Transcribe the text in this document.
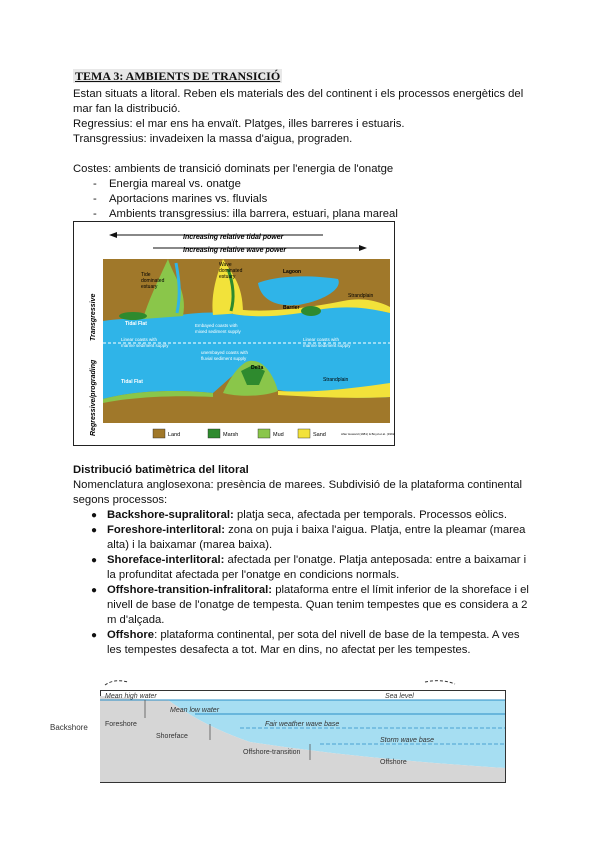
TEMA 3: AMBIENTS DE TRANSICIÓ
Estan situats a litoral. Reben els materials des del continent i els processos energètics del
mar fan la distribució.
Regressius: el mar ens ha envaït. Platges, illes barreres i estuaris.
Transgressius: invadeixen la massa d'aigua, prograden.
Costes: ambients de transició dominats per l'energia de l'onatge
- Energia mareal vs. onatge
- Aportacions marines vs. fluvials
- Ambients transgressius: illa barrera, estuari, plana mareal
Increasing relative tidal power
Increasing relative wave power
Transgressive
Regressive/prograding
Tide
dominated
estuary
Wave
dominated
estuary
Lagoon
Barrier
Strandplain
Tidal Flat	Embayed coasts with
mixed sediment supply
Linear coasts with
marine sediment supply
Linear coasts with
marine sediment supply
unembayed coasts with
fluvial sediment supply
Delta
Tidal Flat	Strandplain
Land	Marsh	Mud	Sand	After Howard (1981) & Boyd et al. (1992)
Distribució batimètrica del litoral
Nomenclatura anglosexona: presència de marees. Subdivisió de la plataforma continental
segons processos:
● Backshore-supralitoral: platja seca, afectada per temporals. Processos eòlics.
● Foreshore-interlitoral: zona on puja i baixa l'aigua. Platja, entre la pleamar (marea
alta) i la baixamar (marea baixa).
● Shoreface-interlitoral: afectada per l'onatge. Platja anteposada: entre a baixamar i
la profunditat afectada per l'onatge en condicions normals.
● Offshore-transition-infralitoral: plataforma entre el límit inferior de la shoreface i el
nivell de base de l'onatge de tempesta. Quan tenim tempestes que es considera a 2
m d'alçada.
● Offshore: plataforma continental, per sota del nivell de base de la tempesta. A ves
les tempestes desafecta a tot. Mar en dins, no afectat per les tempestes.
Backshore
Mean high water	Sea level
Mean low water
Fair weather wave base
Storm wave base
Foreshore
Shoreface
Offshore-transition
Offshore
